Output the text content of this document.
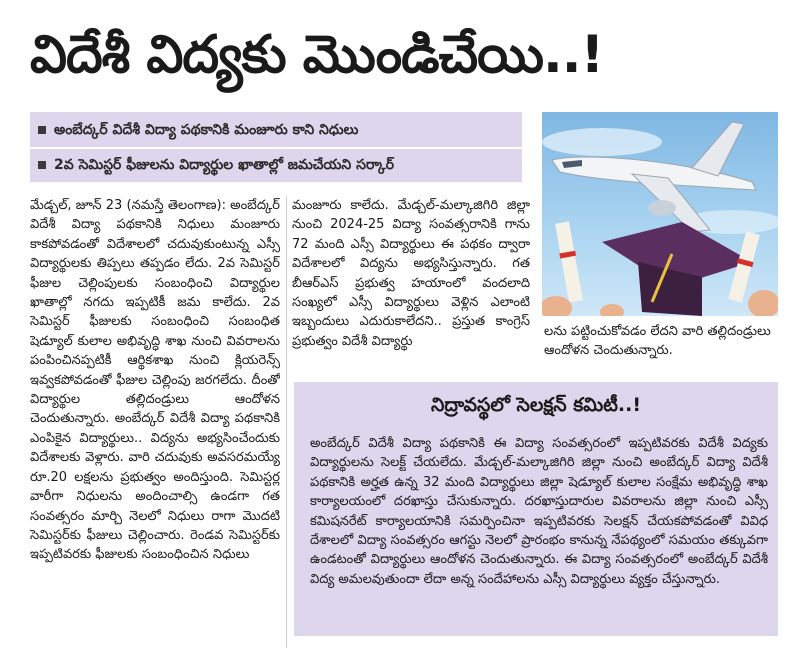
విదేశీ విద్యకు మొండిచేయి..!
అంబేద్కర్ విదేశీ విద్యా పథకానికి మంజూరు కాని నిధులు
2వ సెమిస్టర్ ఫీజులను విద్యార్థుల ఖాతాల్లో జమచేయని సర్కార్

మేడ్చల్, జూన్ 23 (నమస్తే తెలంగాణ): అంబేద్కర్ విదేశీ విద్యా పథకానికి నిధులు మంజూరు కాకపోవడంతో విదేశాలలో చదువుకుంటున్న ఎస్సీ విద్యార్థులకు తిప్పలు తప్పడం లేదు. 2వ సెమిస్టర్ ఫీజుల చెల్లింపులకు సంబంధించి విద్యార్థుల ఖాతాల్లో నగదు ఇప్పటికీ జమ కాలేదు. 2వ సెమిస్టర్ ఫీజులకు సంబంధించి సంబంధిత షెడ్యూల్ కులాల అభివృద్ధి శాఖ నుంచి వివరాలను పంపించినప్పటికీ ఆర్థికశాఖ నుంచి క్లియరెన్స్ ఇవ్వకపోవడంతో ఫీజుల చెల్లింపు జరగలేదు. దీంతో విద్యార్థుల తల్లిదండ్రులు ఆందోళన చెందుతున్నారు. అంబేద్కర్ విదేశీ విద్యా పథకానికి ఎంపికైన విద్యార్థులు.. విద్యను అభ్యసించేందుకు విదేశాలకు వెళ్లారు. వారి చదువుకు అవసరమయ్యే రూ.20 లక్షలను ప్రభుత్వం అందిస్తుంది. సెమిస్టర్ల వారీగా నిధులను అందించాల్సి ఉండగా గత సంవత్సరం మార్చి నెలలో నిధులు రాగా మొదటి సెమిస్టర్‌కు ఫీజులు చెల్లించారు. రెండవ సెమిస్టర్‌కు ఇప్పటివరకు ఫీజులకు సంబంధించిన నిధులు

మంజూరు కాలేదు. మేడ్చల్-మల్కాజిగిరి జిల్లా నుంచి 2024-25 విద్యా సంవత్సరానికి గాను 72 మంది ఎస్సీ విద్యార్థులు ఈ పథకం ద్వారా విదేశాలలో విద్యను అభ్యసిస్తున్నారు. గత బీఆర్‌ఎస్ ప్రభుత్వ హయాంలో వందలాది సంఖ్యలో ఎస్సీ విద్యార్థులు వెళ్లిన ఎలాంటి ఇబ్బందులు ఎదురుకాలేదని.. ప్రస్తుత కాంగ్రెస్ ప్రభుత్వం విదేశీ విద్యార్థు

లను పట్టించుకోవడం లేదని వారి తల్లిదండ్రులు ఆందోళన చెందుతున్నారు.
నిద్రావస్థలో సెలక్షన్ కమిటీ..!
అంబేద్కర్ విదేశీ విద్యా పథకానికి ఈ విద్యా సంవత్సరంలో ఇప్పటివరకు విదేశీ విద్యకు విద్యార్థులను సెలక్ట్ చేయలేదు. మేడ్చల్-మల్కాజిగిరి జిల్లా నుంచి అంబేద్కర్ విద్యా విదేశీ పథకానికి అర్హత ఉన్న 32 మంది విద్యార్థులు జిల్లా షెడ్యూల్ కులాల సంక్షేమ అభివృద్ధి శాఖ కార్యాలయంలో దరఖాస్తు చేసుకున్నారు. దరఖాస్తుదారుల వివరాలను జిల్లా నుంచి ఎస్సీ కమిషనరేట్ కార్యాలయానికి సమర్పించినా ఇప్పటివరకు సెలక్షన్ చేయకపోవడంతో వివిధ దేశాలలో విద్యా సంవత్సరం ఆగస్టు నెలలో ప్రారంభం కానున్న నేపథ్యంలో సమయం తక్కువగా ఉండటంతో విద్యార్థులు ఆందోళన చెందుతున్నారు. ఈ విద్యా సంవత్సరంలో అంబేద్కర్ విదేశీ విద్య అమలవుతుందా లేదా అన్న సందేహాలను ఎస్సీ విద్యార్థులు వ్యక్తం చేస్తున్నారు.
